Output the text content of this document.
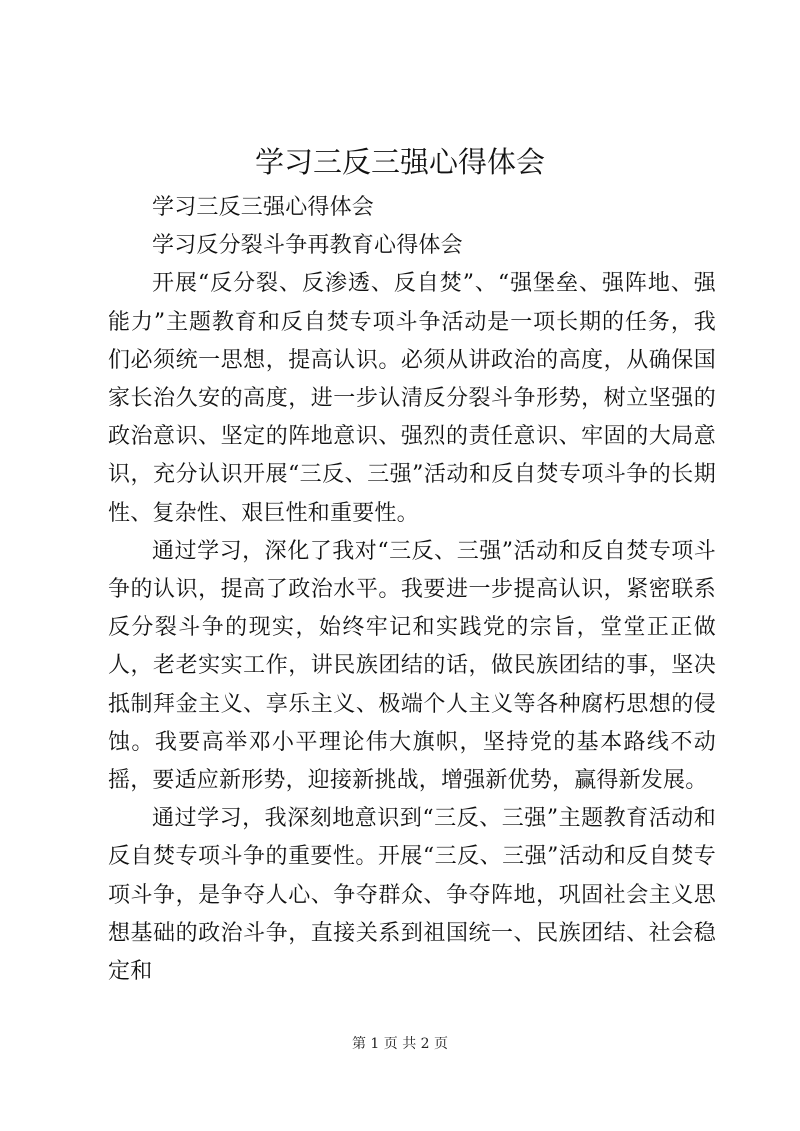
学习三反三强心得体会

学习三反三强心得体会

学习反分裂斗争再教育心得体会

开展“反分裂、反渗透、反自焚”、“强堡垒、强阵地、强能力”主题教育和反自焚专项斗争活动是一项长期的任务，我们必须统一思想，提高认识。必须从讲政治的高度，从确保国家长治久安的高度，进一步认清反分裂斗争形势，树立坚强的政治意识、坚定的阵地意识、强烈的责任意识、牢固的大局意识，充分认识开展“三反、三强”活动和反自焚专项斗争的长期性、复杂性、艰巨性和重要性。

通过学习，深化了我对“三反、三强”活动和反自焚专项斗争的认识，提高了政治水平。我要进一步提高认识，紧密联系反分裂斗争的现实，始终牢记和实践党的宗旨，堂堂正正做人，老老实实工作，讲民族团结的话，做民族团结的事，坚决抵制拜金主义、享乐主义、极端个人主义等各种腐朽思想的侵蚀。我要高举邓小平理论伟大旗帜，坚持党的基本路线不动摇，要适应新形势，迎接新挑战，增强新优势，赢得新发展。

通过学习，我深刻地意识到“三反、三强”主题教育活动和反自焚专项斗争的重要性。开展“三反、三强”活动和反自焚专项斗争，是争夺人心、争夺群众、争夺阵地，巩固社会主义思想基础的政治斗争，直接关系到祖国统一、民族团结、社会稳定和

第 1 页 共 2 页
